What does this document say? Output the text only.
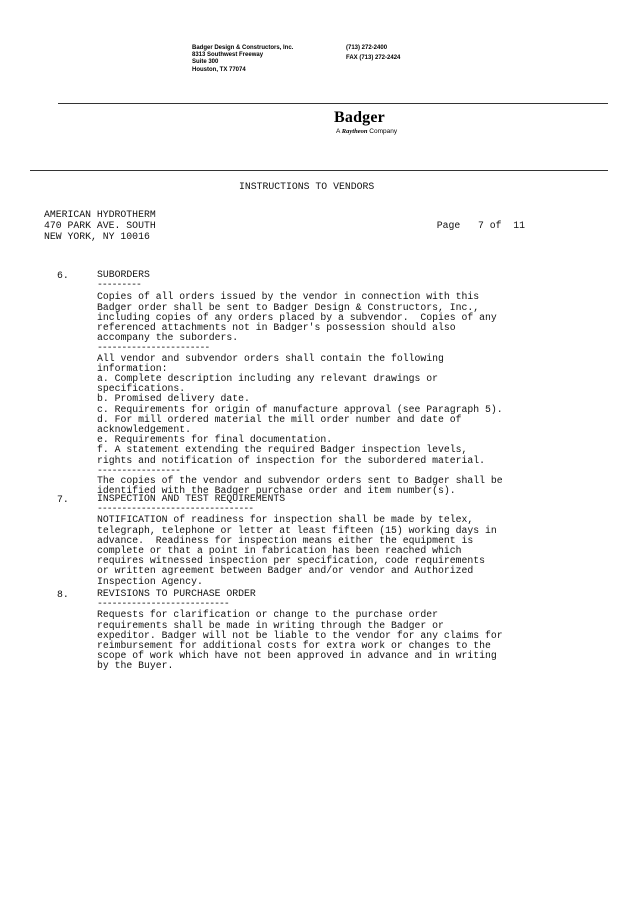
Badger Design & Constructors, Inc.
8313 Southwest Freeway
Suite 300
Houston, TX 77074
(713) 272-2400
FAX (713) 272-2424
Badger
A Raytheon Company
INSTRUCTIONS TO VENDORS
AMERICAN HYDROTHERM
470 PARK AVE. SOUTH
NEW YORK, NY 10016

Page 7 of 11

6.	SUBORDERS
---------
Copies of all orders issued by the vendor in connection with this
Badger order shall be sent to Badger Design & Constructors, Inc.,
including copies of any orders placed by a subvendor.  Copies of any
referenced attachments not in Badger's possession should also
accompany the suborders.
-----------------------
All vendor and subvendor orders shall contain the following
information:
a. Complete description including any relevant drawings or
specifications.
b. Promised delivery date.
c. Requirements for origin of manufacture approval (see Paragraph 5).
d. For mill ordered material the mill order number and date of
acknowledgement.
e. Requirements for final documentation.
f. A statement extending the required Badger inspection levels,
rights and notification of inspection for the subordered material.
-----------------
The copies of the vendor and subvendor orders sent to Badger shall be
identified with the Badger purchase order and item number(s).
7.	INSPECTION AND TEST REQUIREMENTS
--------------------------------
NOTIFICATION of readiness for inspection shall be made by telex,
telegraph, telephone or letter at least fifteen (15) working days in
advance.  Readiness for inspection means either the equipment is
complete or that a point in fabrication has been reached which
requires witnessed inspection per specification, code requirements
or written agreement between Badger and/or vendor and Authorized
Inspection Agency.
8.	REVISIONS TO PURCHASE ORDER
---------------------------
Requests for clarification or change to the purchase order
requirements shall be made in writing through the Badger or
expeditor. Badger will not be liable to the vendor for any claims for
reimbursement for additional costs for extra work or changes to the
scope of work which have not been approved in advance and in writing
by the Buyer.
